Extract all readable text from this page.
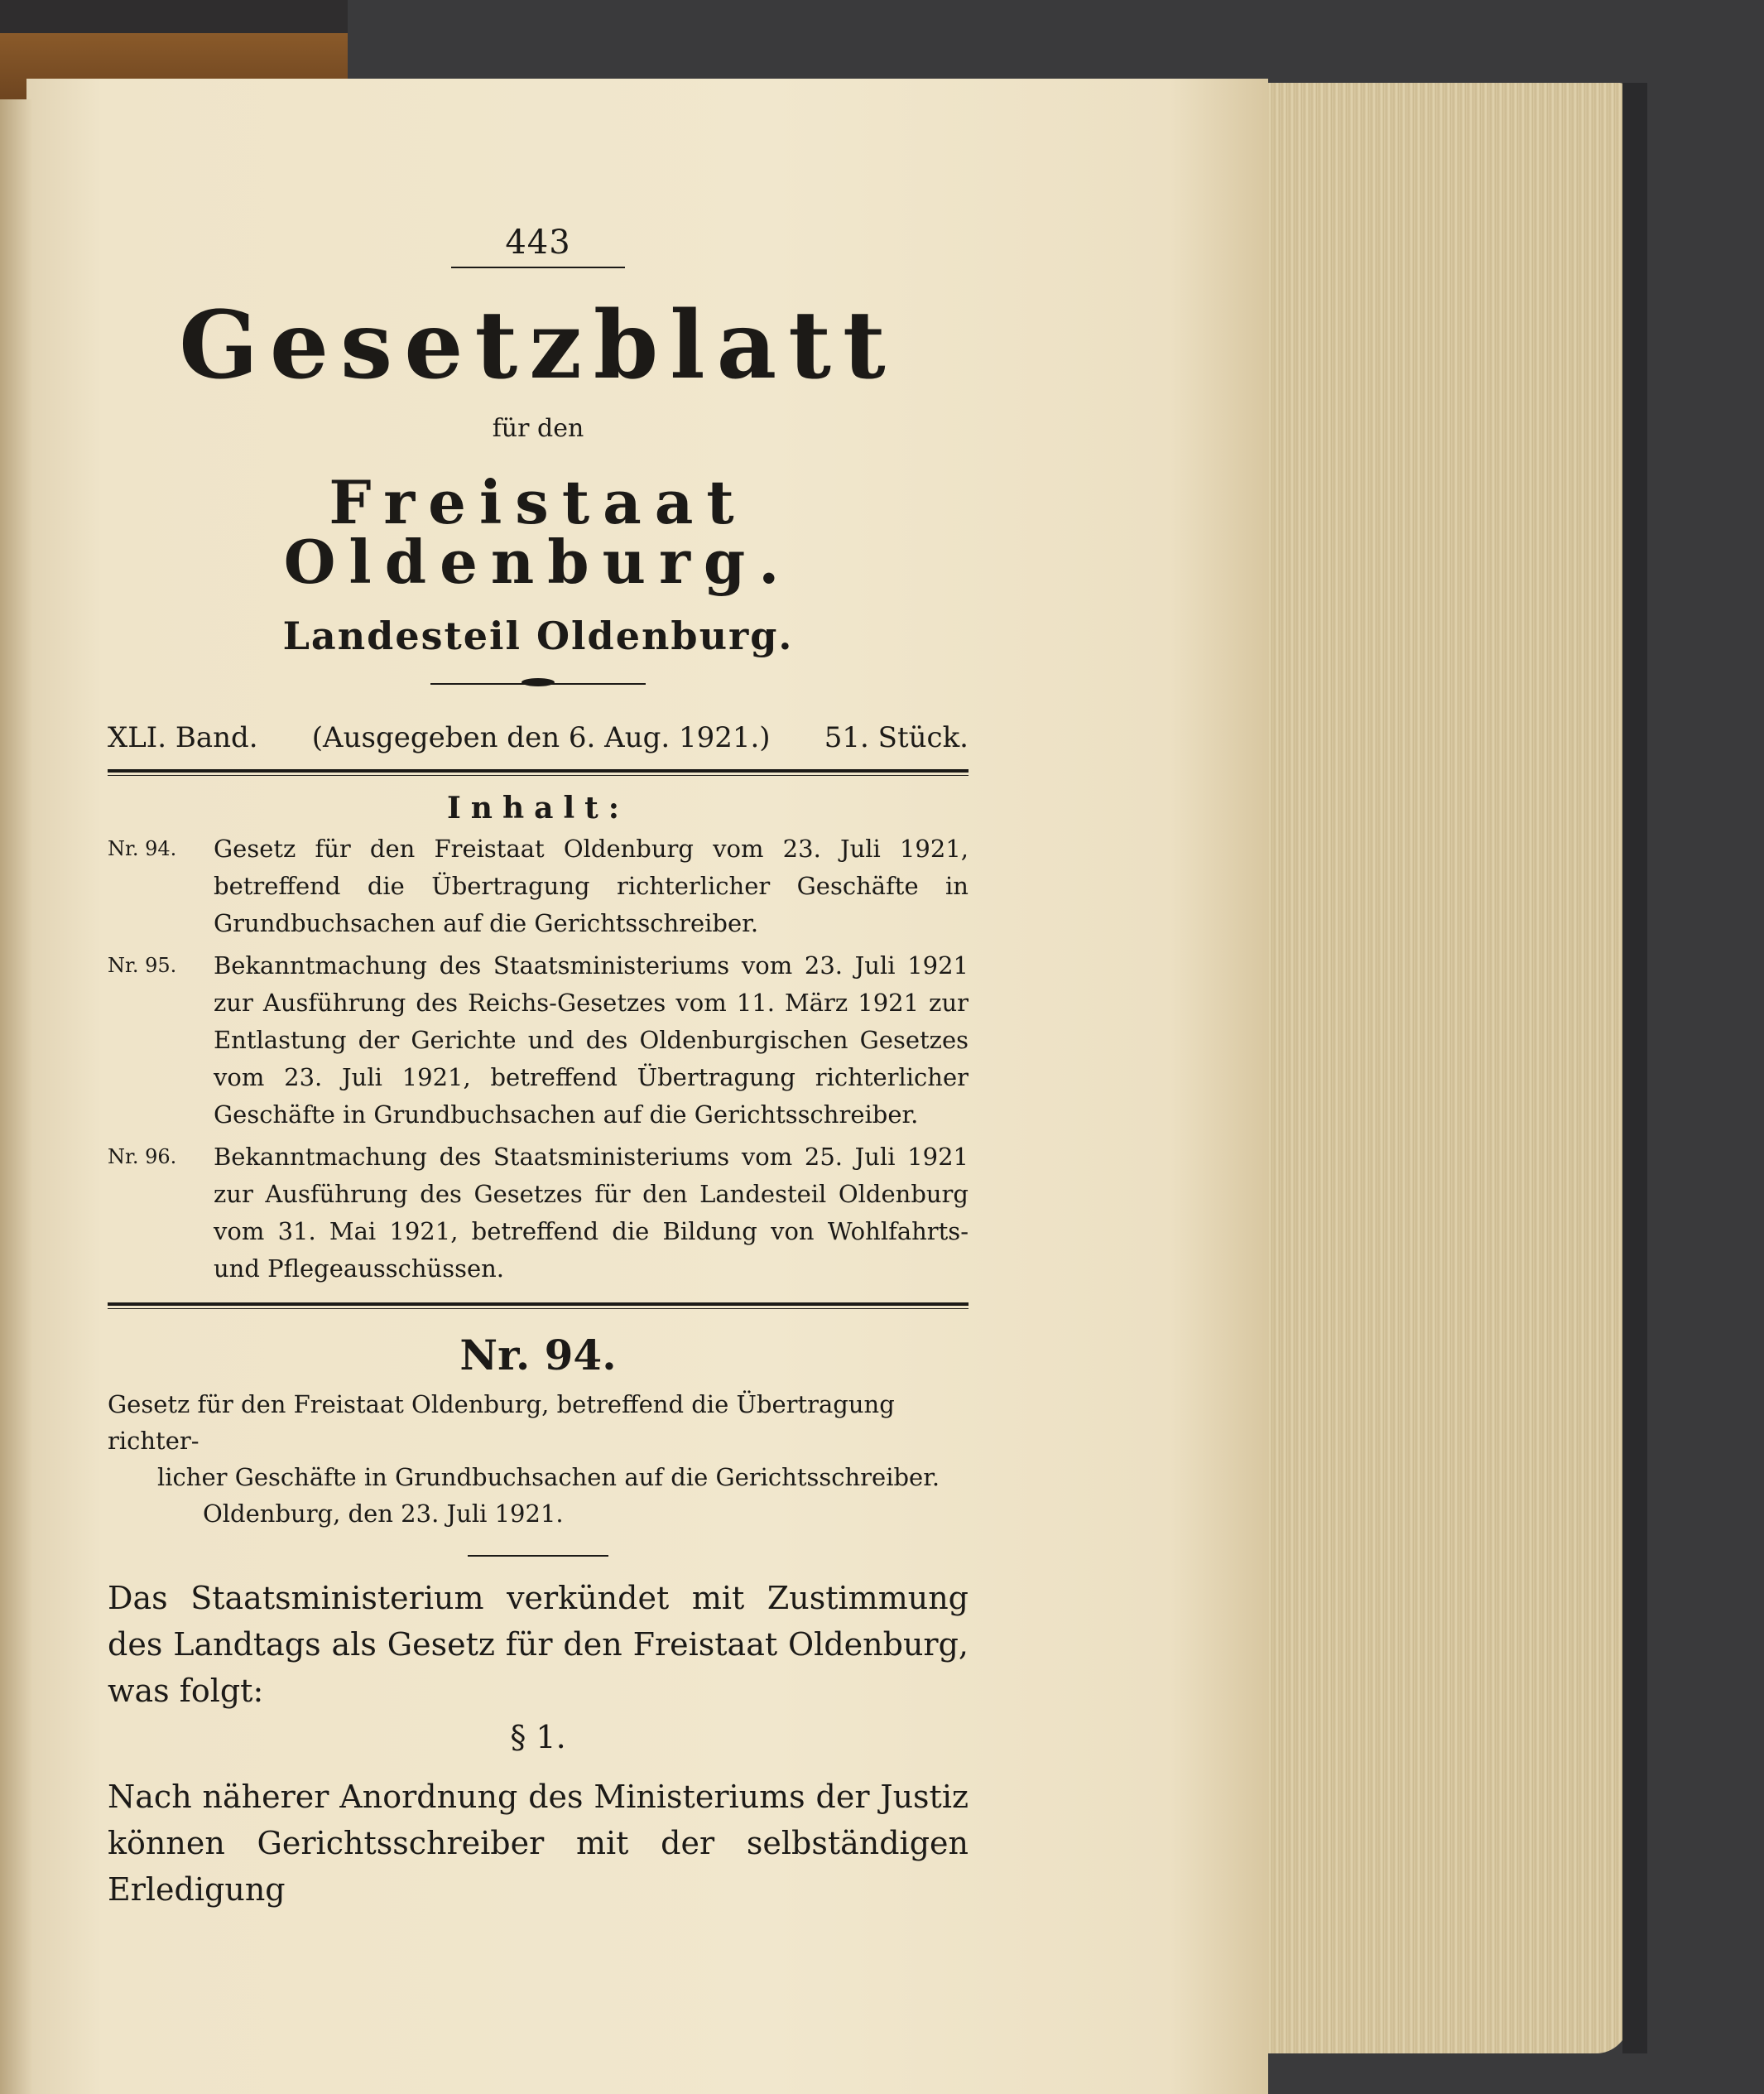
443
Gesetzblatt
für den
Freistaat Oldenburg.
Landesteil Oldenburg.
XLI. Band. (Ausgegeben den 6. Aug. 1921.) 51. Stück.
Inhalt:
Nr. 94.	Gesetz für den Freistaat Oldenburg vom 23. Juli 1921, betreffend die Übertragung richterlicher Geschäfte in Grundbuchsachen auf die Gerichtsschreiber.
Nr. 95.	Bekanntmachung des Staatsministeriums vom 23. Juli 1921 zur Ausführung des Reichs-Gesetzes vom 11. März 1921 zur Entlastung der Gerichte und des Oldenburgischen Gesetzes vom 23. Juli 1921, betreffend Übertragung richterlicher Geschäfte in Grundbuchsachen auf die Gerichtsschreiber.
Nr. 96.	Bekanntmachung des Staatsministeriums vom 25. Juli 1921 zur Ausführung des Gesetzes für den Landesteil Oldenburg vom 31. Mai 1921, betreffend die Bildung von Wohlfahrts- und Pflegeausschüssen.
Nr. 94.
Gesetz für den Freistaat Oldenburg, betreffend die Übertragung richter-
licher Geschäfte in Grundbuchsachen auf die Gerichtsschreiber.
Oldenburg, den 23. Juli 1921.
Das Staatsministerium verkündet mit Zustimmung des Landtags als Gesetz für den Freistaat Oldenburg, was folgt:
§ 1.
Nach näherer Anordnung des Ministeriums der Justiz können Gerichtsschreiber mit der selbständigen Erledigung
